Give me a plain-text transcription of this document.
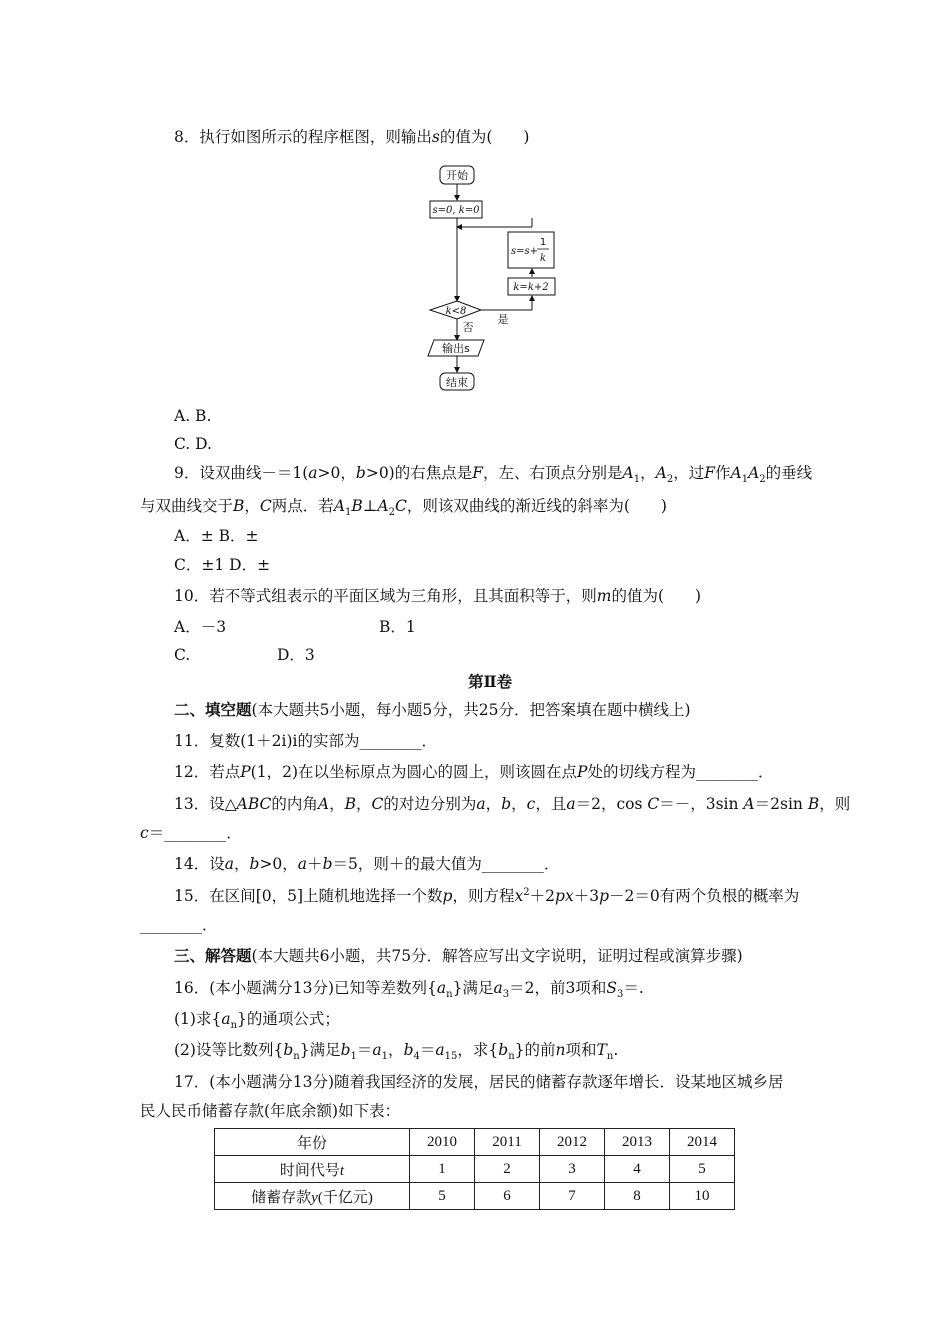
8．执行如图所示的程序框图，则输出s的值为(　　)
开始
s=0, k=0
s=s+
1
k
k=k+2
k<8
是
否
输出s
结束
A. B.
C. D.
9．设双曲线－＝1(a>0，b>0)的右焦点是F，左、右顶点分别是$A_1$，$A_2$，过F作$A_1A_2$的垂线
与双曲线交于B，C两点．若$A_1B\perp A_2C$，则该双曲线的渐近线的斜率为(　　)
A．± B．±
C．±1 D．±
10．若不等式组表示的平面区域为三角形，且其面积等于，则m的值为(　　)
A．－3	B．1
C.	D．3
第Ⅱ卷
二、填空题(本大题共5小题，每小题5分，共25分．把答案填在题中横线上)
11．复数(1＋2i)i的实部为________．
12．若点P(1，2)在以坐标原点为圆心的圆上，则该圆在点P处的切线方程为________．
13．设△ABC的内角A，B，C的对边分别为a，b，c，且a＝2，cos C＝－，3sin A＝2sin B，则
c＝________．
14．设a，b>0，a＋b＝5，则＋的最大值为________．
15．在区间[0，5]上随机地选择一个数p，则方程$x^2+2px+3p-2=0$有两个负根的概率为
________．
三、解答题(本大题共6小题，共75分．解答应写出文字说明，证明过程或演算步骤)
16．(本小题满分13分)已知等差数列$\{a_n\}$满足$a_3=2$，前3项和$S_3=$.
(1)求$\{a_n\}$的通项公式；
(2)设等比数列$\{b_n\}$满足$b_1=a_1$，$b_4=a_{15}$，求$\{b_n\}$的前n项和$T_n$.
17．(本小题满分13分)随着我国经济的发展，居民的储蓄存款逐年增长．设某地区城乡居
民人民币储蓄存款(年底余额)如下表：
年份	2010	2011	2012	2013	2014
时间代号t	1	2	3	4	5
储蓄存款y(千亿元)	5	6	7	8	10
